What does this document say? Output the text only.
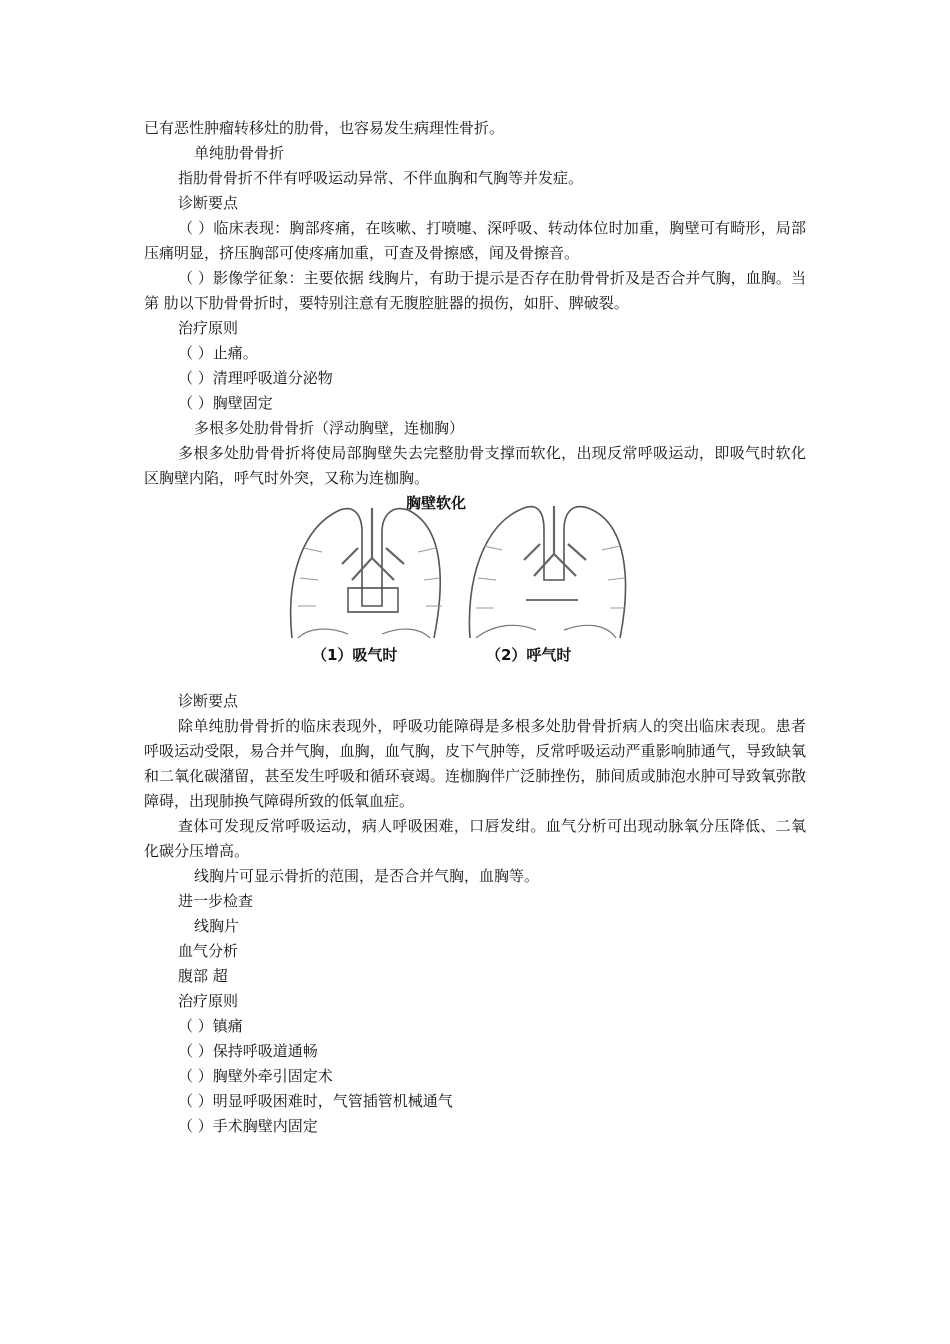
已有恶性肿瘤转移灶的肋骨，也容易发生病理性骨折。
单纯肋骨骨折
指肋骨骨折不伴有呼吸运动异常、不伴血胸和气胸等并发症。
诊断要点
（ ）临床表现：胸部疼痛，在咳嗽、打喷嚏、深呼吸、转动体位时加重，胸壁可有畸形，局部压痛明显，挤压胸部可使疼痛加重，可查及骨擦感，闻及骨擦音。
（ ）影像学征象：主要依据 线胸片，有助于提示是否存在肋骨骨折及是否合并气胸，血胸。当第 肋以下肋骨骨折时，要特别注意有无腹腔脏器的损伤，如肝、脾破裂。
治疗原则
（ ）止痛。
（ ）清理呼吸道分泌物
（ ）胸壁固定
多根多处肋骨骨折（浮动胸壁，连枷胸）
多根多处肋骨骨折将使局部胸壁失去完整肋骨支撑而软化，出现反常呼吸运动，即吸气时软化区胸壁内陷，呼气时外突，又称为连枷胸。
胸壁软化
（1）吸气时	（2）呼气时
诊断要点
除单纯肋骨骨折的临床表现外，呼吸功能障碍是多根多处肋骨骨折病人的突出临床表现。患者呼吸运动受限，易合并气胸，血胸，血气胸，皮下气肿等，反常呼吸运动严重影响肺通气，导致缺氧和二氧化碳潴留，甚至发生呼吸和循环衰竭。连枷胸伴广泛肺挫伤，肺间质或肺泡水肿可导致氧弥散障碍，出现肺换气障碍所致的低氧血症。
查体可发现反常呼吸运动，病人呼吸困难，口唇发绀。血气分析可出现动脉氧分压降低、二氧化碳分压增高。
线胸片可显示骨折的范围，是否合并气胸，血胸等。
进一步检查
线胸片
血气分析
腹部 超
治疗原则
（ ）镇痛
（ ）保持呼吸道通畅
（ ）胸壁外牵引固定术
（ ）明显呼吸困难时，气管插管机械通气
（ ）手术胸壁内固定
